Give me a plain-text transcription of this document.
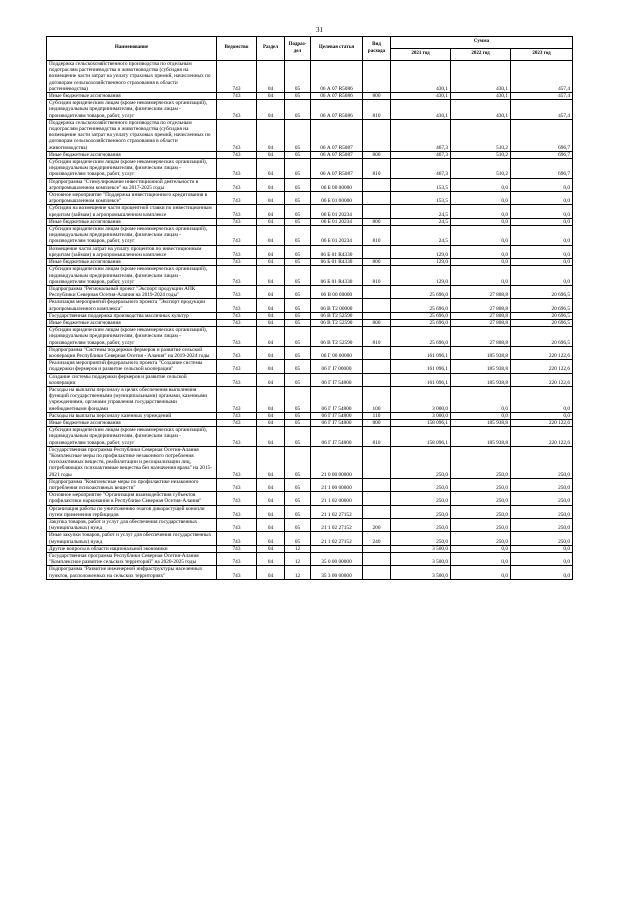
31
Наименование	Ведомство	Раздел	Подраз-дел	Целевая статья	Вид расхода	Сумма		
						2021 год	2022 год	2023 год
Поддержка сельскохозяйственного производства по отдельным подотраслям растениеводства и животноводства (субсидия на возмещение части затрат на уплату страховых премий, начисленных по договорам сельскохозяйственного страхования в области растениеводства)	743	04	05	06 А 07 R5086		430,1	430,1	457,4
Иные бюджетные ассигнования	743	04	05	06 А 07 R5086	800	430,1	430,1	457,4
Субсидии юридическим лицам (кроме некоммерческих организаций), индивидуальным предпринимателям, физическим лицам - производителям товаров, работ, услуг	743	04	05	06 А 07 R5086	810	430,1	430,1	457,4
Поддержка сельскохозяйственного производства по отдельным подотраслям растениеводства и животноводства (субсидия на возмещение части затрат на уплату страховых премий, начисленных по договорам сельскохозяйственного страхования в области животноводства)	743	04	05	06 А 07 R5087		467,3	510,2	696,7
Иные бюджетные ассигнования	743	04	05	06 А 07 R5087	800	467,3	510,2	696,7
Субсидии юридическим лицам (кроме некоммерческих организаций), индивидуальным предпринимателям, физическим лицам - производителям товаров, работ, услуг	743	04	05	06 А 07 R5087	810	467,3	510,2	696,7
Подпрограмма "Стимулирование инвестиционной деятельности в агропромышленном комплексе" на 2017-2025 годы	743	04	05	06 Б 00 00000		153,5	0,0	0,0
Основное мероприятие "Поддержка инвестиционного кредитования в агропромышленном комплексе"	743	04	05	06 Б 01 00000		153,5	0,0	0,0
Субсидии на возмещение части процентной ставки по инвестиционным кредитам (займам) в агропромышленном комплексе	743	04	05	06 Б 01 20234		24,5	0,0	0,0
Иные бюджетные ассигнования	743	04	05	06 Б 01 20234	800	24,5	0,0	0,0
Субсидии юридическим лицам (кроме некоммерческих организаций), индивидуальным предпринимателям, физическим лицам - производителям товаров, работ, услуг	743	04	05	06 Б 01 20234	810	24,5	0,0	0,0
Возмещение части затрат на уплату процентов по инвестиционным кредитам (займам) в агропромышленном комплексе	743	04	05	06 Б 01 R4330		129,0	0,0	0,0
Иные бюджетные ассигнования	743	04	05	06 Б 01 R4330	800	129,0	0,0	0,0
Субсидии юридическим лицам (кроме некоммерческих организаций), индивидуальным предпринимателям, физическим лицам - производителям товаров, работ, услуг	743	04	05	06 Б 01 R4330	810	129,0	0,0	0,0
Подпрограмма "Региональный проект "Экспорт продукции АПК Республики Северная Осетия-Алания на 2019-2024 годы"	743	04	05	06 В 00 00000		25 696,0	27 808,8	20 696,5
Реализация мероприятий федерального проекта "Экспорт продукции агропромышленного комплекса"	743	04	05	06 В Т2 00000		25 696,0	27 808,8	20 696,5
Государственная поддержка производства масличных культур	743	04	05	06 В Т2 52590		25 696,0	27 808,8	20 696,5
Иные бюджетные ассигнования	743	04	05	06 В Т2 52590	800	25 696,0	27 808,8	20 696,5
Субсидии юридическим лицам (кроме некоммерческих организаций), индивидуальным предпринимателям, физическим лицам - производителям товаров, работ, услуг	743	04	05	06 В Т2 52590	810	25 696,0	27 808,8	20 696,5
Подпрограмма "Системы поддержки фермеров и развитие сельской кооперации Республики Северная Осетия - Алания" на 2019-2024 годы	743	04	05	06 Г 00 00000		161 096,1	185 938,8	220 122,6
Реализация мероприятий федерального проекта "Создание системы поддержки фермеров и развитие сельской кооперации"	743	04	05	06 Г I7 00000		161 096,1	185 938,8	220 122,6
Создание системы поддержки фермеров и развитие сельской кооперации	743	04	05	06 Г I7 54800		161 096,1	185 938,8	220 122,6
Расходы на выплаты персоналу в целях обеспечения выполнения функций государственными (муниципальными) органами, казенными учреждениями, органами управления государственными внебюджетными фондами	743	04	05	06 Г I7 54800	100	3 000,0	0,0	0,0
Расходы на выплаты персоналу казенных учреждений	743	04	05	06 Г I7 54800	110	3 000,0	0,0	0,0
Иные бюджетные ассигнования	743	04	05	06 Г I7 54800	800	158 096,1	185 938,8	220 122,6
Субсидии юридическим лицам (кроме некоммерческих организаций), индивидуальным предпринимателям, физическим лицам - производителям товаров, работ, услуг	743	04	05	06 Г I7 54800	810	158 096,1	185 938,8	220 122,6
Государственная программа Республики Северная Осетия-Алания "Комплексные меры по профилактике незаконного потребления психоактивных веществ, реабилитации и ресоциализации лиц, потребляющих психоактивные вещества без назначения врача" на 2015-2021 годы	743	04	05	21 0 00 00000		250,0	250,0	250,0
Подпрограмма "Комплексные меры по профилактике незаконного потребления психоактивных веществ"	743	04	05	21 1 00 00000		250,0	250,0	250,0
Основное мероприятие "Организация взаимодействия субъектов профилактики наркомании в Республике Северная Осетия-Алания"	743	04	05	21 1 02 00000		250,0	250,0	250,0
Организация работы по уничтожению очагов дикорастущей конопли путем применения гербицидов	743	04	05	21 1 02 27152		250,0	250,0	250,0
Закупка товаров, работ и услуг для обеспечения государственных (муниципальных) нужд	743	04	05	21 1 02 27152	200	250,0	250,0	250,0
Иные закупки товаров, работ и услуг для обеспечения государственных (муниципальных) нужд	743	04	05	21 1 02 27152	240	250,0	250,0	250,0
Другие вопросы в области национальной экономики	743	04	12			3 500,0	0,0	0,0
Государственная программа Республики Северная Осетия-Алания "Комплексное развитие сельских территорий" на 2020-2025 годы	743	04	12	35 0 00 00000		3 500,0	0,0	0,0
Подпрограмма "Развитие инженерной инфраструктуры населенных пунктов, расположенных на сельских территориях"	743	04	12	35 3 00 00000		3 500,0	0,0	0,0
